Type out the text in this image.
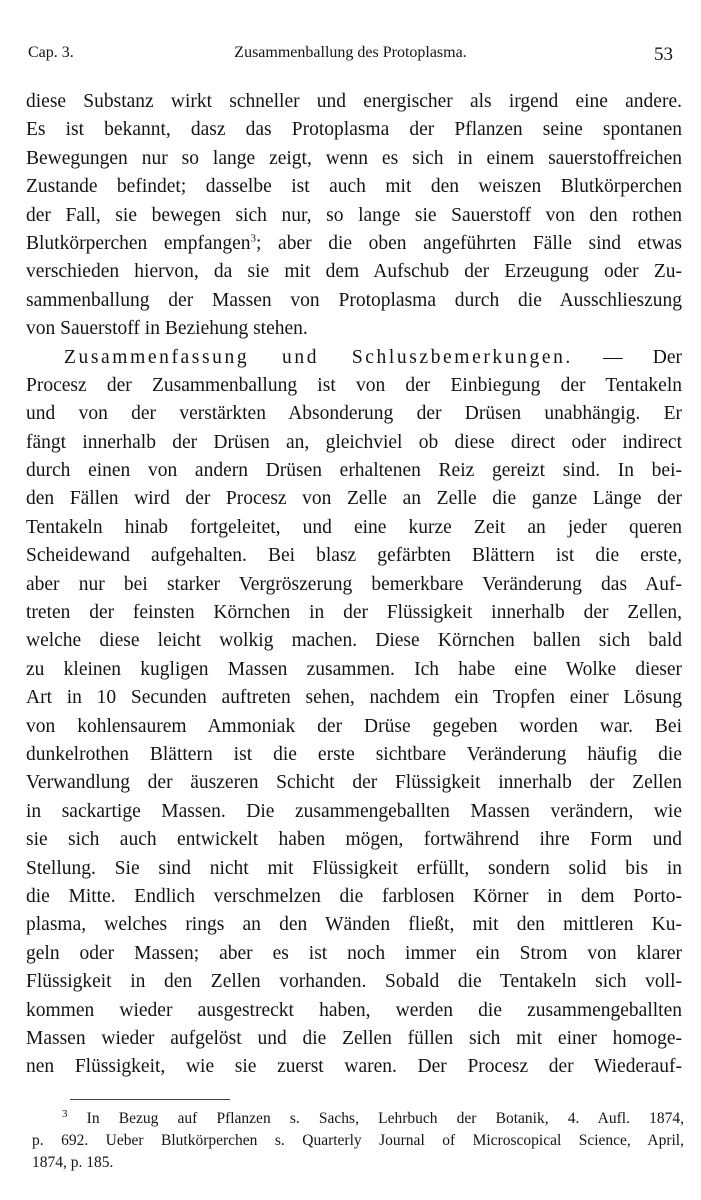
Cap. 3.	Zusammenballung des Protoplasma.	53
diese Substanz wirkt schneller und energischer als irgend eine andere.
Es ist bekannt, dasz das Protoplasma der Pflanzen seine spontanen
Bewegungen nur so lange zeigt, wenn es sich in einem sauerstoffreichen
Zustande befindet; dasselbe ist auch mit den weiszen Blutkörperchen
der Fall, sie bewegen sich nur, so lange sie Sauerstoff von den rothen
Blutkörperchen empfangen$^3$; aber die oben angeführten Fälle sind etwas
verschieden hiervon, da sie mit dem Aufschub der Erzeugung oder Zu-
sammenballung der Massen von Protoplasma durch die Ausschlieszung
von Sauerstoff in Beziehung stehen.
Zusammenfassung und Schluszbemerkungen. — Der
Procesz der Zusammenballung ist von der Einbiegung der Tentakeln
und von der verstärkten Absonderung der Drüsen unabhängig. Er
fängt innerhalb der Drüsen an, gleichviel ob diese direct oder indirect
durch einen von andern Drüsen erhaltenen Reiz gereizt sind. In bei-
den Fällen wird der Procesz von Zelle an Zelle die ganze Länge der
Tentakeln hinab fortgeleitet, und eine kurze Zeit an jeder queren
Scheidewand aufgehalten. Bei blasz gefärbten Blättern ist die erste,
aber nur bei starker Vergröszerung bemerkbare Veränderung das Auf-
treten der feinsten Körnchen in der Flüssigkeit innerhalb der Zellen,
welche diese leicht wolkig machen. Diese Körnchen ballen sich bald
zu kleinen kugligen Massen zusammen. Ich habe eine Wolke dieser
Art in 10 Secunden auftreten sehen, nachdem ein Tropfen einer Lösung
von kohlensaurem Ammoniak der Drüse gegeben worden war. Bei
dunkelrothen Blättern ist die erste sichtbare Veränderung häufig die
Verwandlung der äuszeren Schicht der Flüssigkeit innerhalb der Zellen
in sackartige Massen. Die zusammengeballten Massen verändern, wie
sie sich auch entwickelt haben mögen, fortwährend ihre Form und
Stellung. Sie sind nicht mit Flüssigkeit erfüllt, sondern solid bis in
die Mitte. Endlich verschmelzen die farblosen Körner in dem Porto-
plasma, welches rings an den Wänden fließt, mit den mittleren Ku-
geln oder Massen; aber es ist noch immer ein Strom von klarer
Flüssigkeit in den Zellen vorhanden. Sobald die Tentakeln sich voll-
kommen wieder ausgestreckt haben, werden die zusammengeballten
Massen wieder aufgelöst und die Zellen füllen sich mit einer homoge-
nen Flüssigkeit, wie sie zuerst waren. Der Procesz der Wiederauf-
$^3$ In Bezug auf Pflanzen s. Sachs, Lehrbuch der Botanik, 4. Aufl. 1874,
p. 692. Ueber Blutkörperchen s. Quarterly Journal of Microscopical Science, April,
1874, p. 185.
